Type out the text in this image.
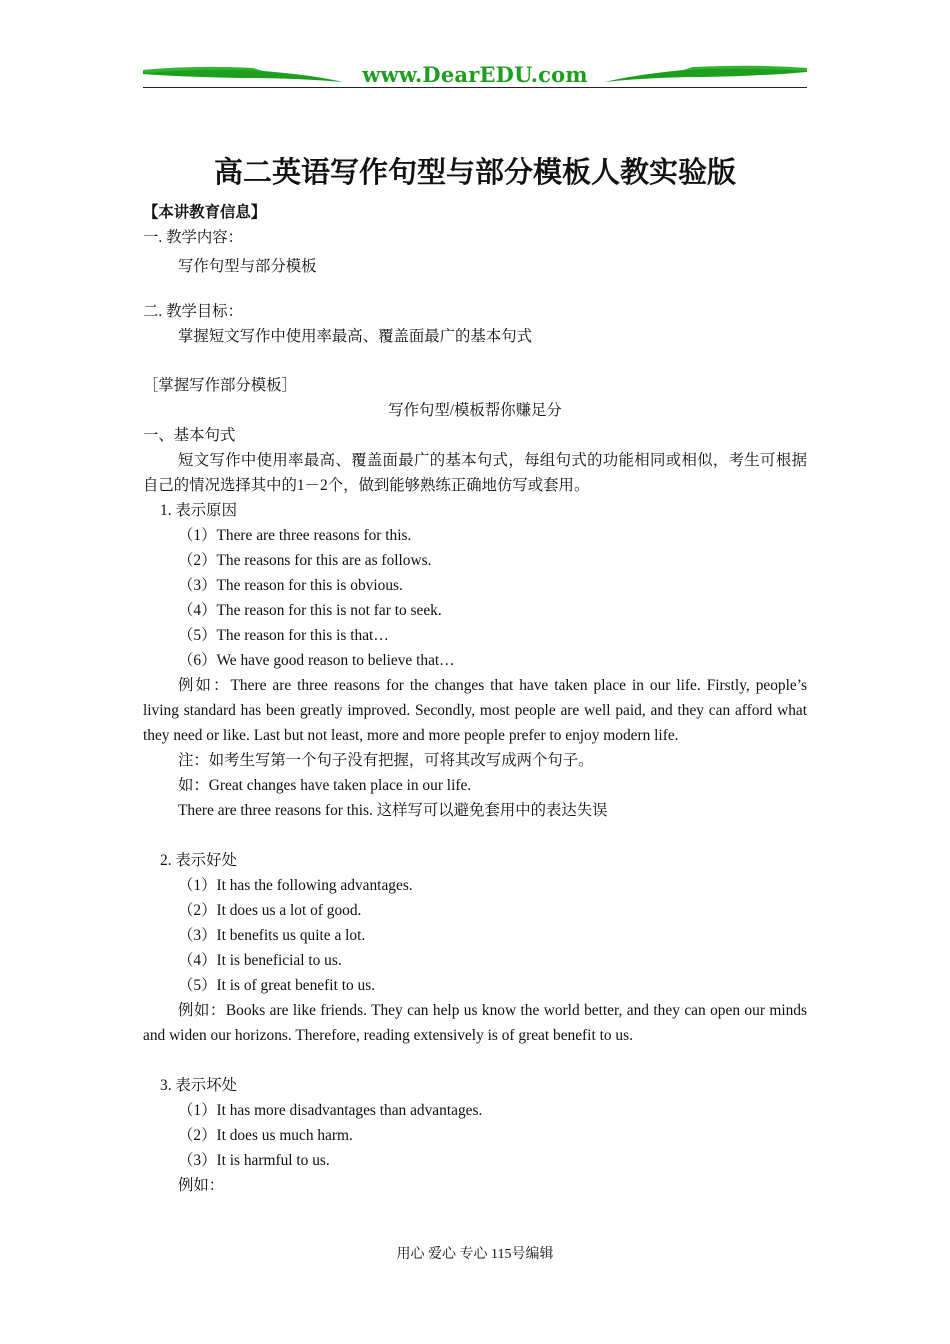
www.DearEDU.com
高二英语写作句型与部分模板人教实验版

【本讲教育信息】

一. 教学内容：

写作句型与部分模板

二. 教学目标：

掌握短文写作中使用率最高、覆盖面最广的基本句式

［掌握写作部分模板］

写作句型/模板帮你赚足分

一、基本句式

短文写作中使用率最高、覆盖面最广的基本句式，每组句式的功能相同或相似，考生可根据自己的情况选择其中的1－2个，做到能够熟练正确地仿写或套用。

1. 表示原因

（1）There are three reasons for this.

（2）The reasons for this are as follows.

（3）The reason for this is obvious.

（4）The reason for this is not far to seek.

（5）The reason for this is that…

（6）We have good reason to believe that…

例如：There are three reasons for the changes that have taken place in our life. Firstly, people’s living standard has been greatly improved. Secondly, most people are well paid, and they can afford what they need or like. Last but not least, more and more people prefer to enjoy modern life.

注：如考生写第一个句子没有把握，可将其改写成两个句子。

如：Great changes have taken place in our life.

There are three reasons for this. 这样写可以避免套用中的表达失误

2. 表示好处

（1）It has the following advantages.

（2）It does us a lot of good.

（3）It benefits us quite a lot.

（4）It is beneficial to us.

（5）It is of great benefit to us.

例如：Books are like friends. They can help us know the world better, and they can open our minds and widen our horizons. Therefore, reading extensively is of great benefit to us.

3. 表示坏处

（1）It has more disadvantages than advantages.

（2）It does us much harm.

（3）It is harmful to us.

例如：

用心 爱心 专心 115号编辑
